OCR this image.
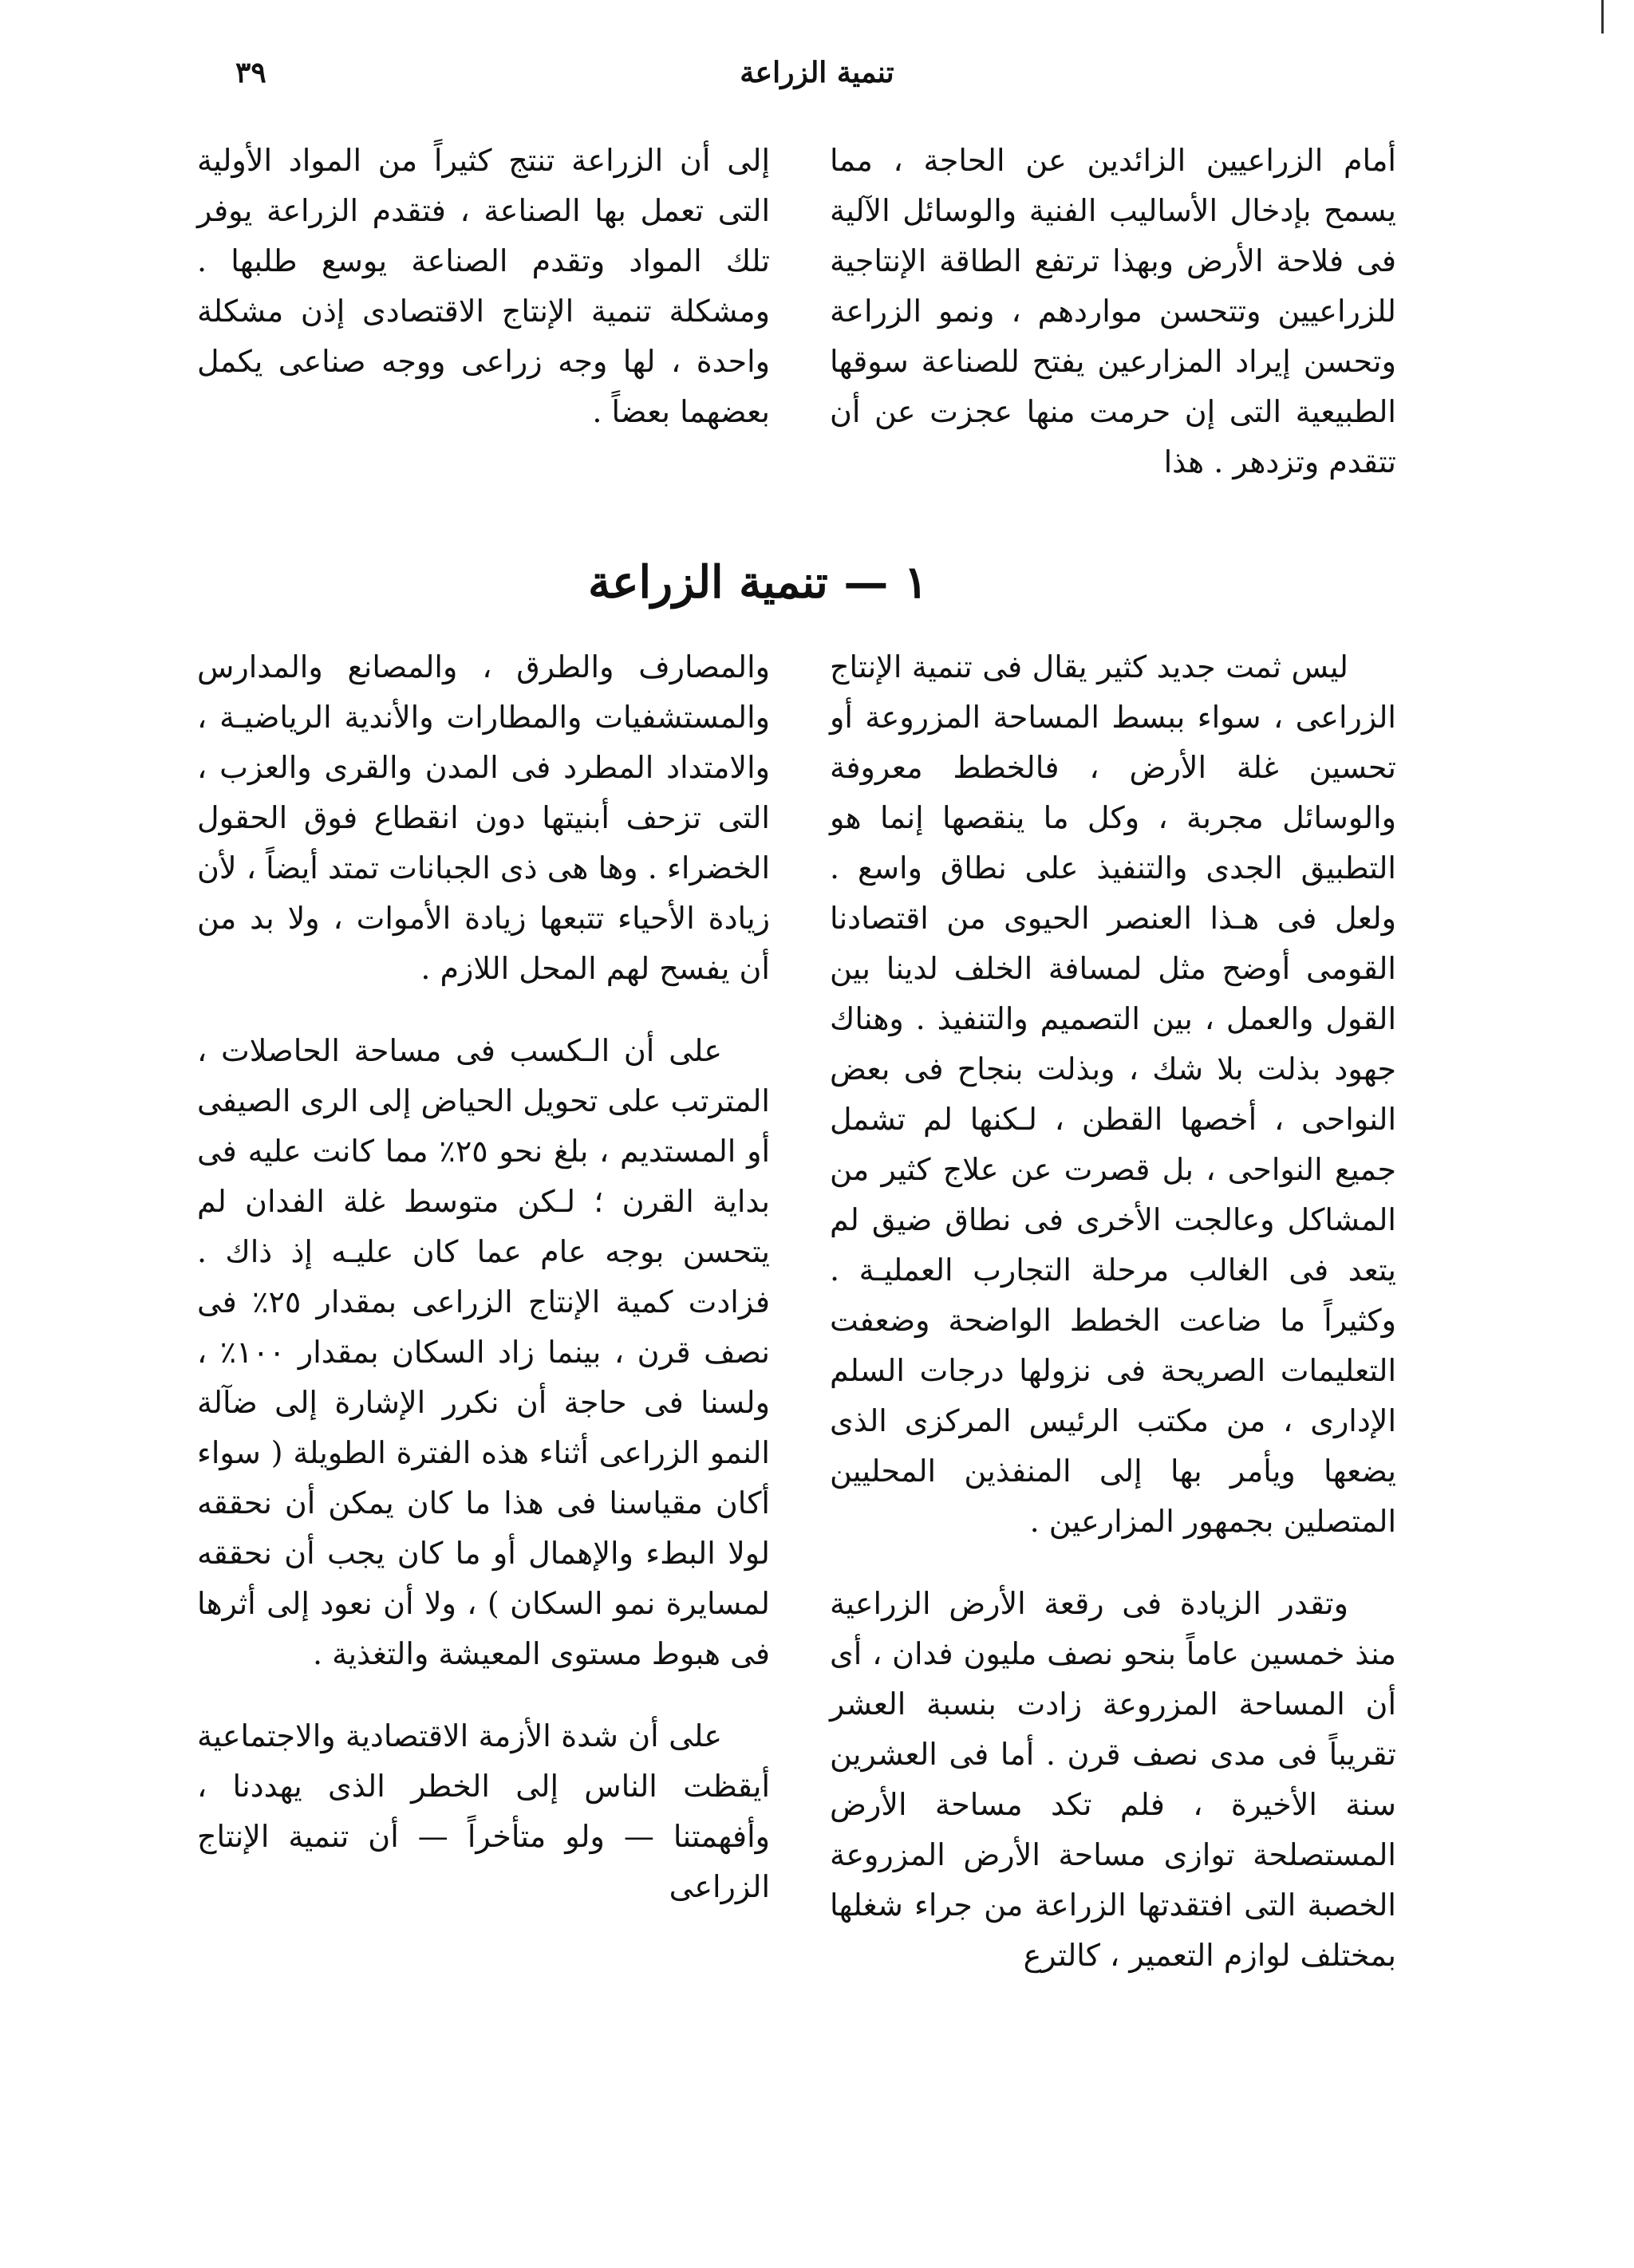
تنمية الزراعة
٣٩

أمام الزراعيين الزائدين عن الحاجة ، مما يسمح بإدخال الأساليب الفنية والوسائل الآلية فى فلاحة الأرض وبهذا ترتفع الطاقة الإنتاجية للزراعيين وتتحسن مواردهم ، ونمو الزراعة وتحسن إيراد المزارعين يفتح للصناعة سوقها الطبيعية التى إن حرمت منها عجزت عن أن تتقدم وتزدهر . هذا

إلى أن الزراعة تنتج كثيراً من المواد الأولية التى تعمل بها الصناعة ، فتقدم الزراعة يوفر تلك المواد وتقدم الصناعة يوسع طلبها . ومشكلة تنمية الإنتاج الاقتصادى إذن مشكلة واحدة ، لها وجه زراعى ووجه صناعى يكمل بعضهما بعضاً .

١ — تنمية الزراعة

ليس ثمت جديد كثير يقال فى تنمية الإنتاج الزراعى ، سواء ببسط المساحة المزروعة أو تحسين غلة الأرض ، فالخطط معروفة والوسائل مجربة ، وكل ما ينقصها إنما هو التطبيق الجدى والتنفيذ على نطاق واسع . ولعل فى هـذا العنصر الحيوى من اقتصادنا القومى أوضح مثل لمسافة الخلف لدينا بين القول والعمل ، بين التصميم والتنفيذ . وهناك جهود بذلت بلا شك ، وبذلت بنجاح فى بعض النواحى ، أخصها القطن ، لـكنها لم تشمل جميع النواحى ، بل قصرت عن علاج كثير من المشاكل وعالجت الأخرى فى نطاق ضيق لم يتعد فى الغالب مرحلة التجارب العمليـة . وكثيراً ما ضاعت الخطط الواضحة وضعفت التعليمات الصريحة فى نزولها درجات السلم الإدارى ، من مكتب الرئيس المركزى الذى يضعها ويأمر بها إلى المنفذين المحليين المتصلين بجمهور المزارعين .

وتقدر الزيادة فى رقعة الأرض الزراعية منذ خمسين عاماً بنحو نصف مليون فدان ، أى أن المساحة المزروعة زادت بنسبة العشر تقريباً فى مدى نصف قرن . أما فى العشرين سنة الأخيرة ، فلم تكد مساحة الأرض المستصلحة توازى مساحة الأرض المزروعة الخصبة التى افتقدتها الزراعة من جراء شغلها بمختلف لوازم التعمير ، كالترع

والمصارف والطرق ، والمصانع والمدارس والمستشفيات والمطارات والأندية الرياضيـة ، والامتداد المطرد فى المدن والقرى والعزب ، التى تزحف أبنيتها دون انقطاع فوق الحقول الخضراء . وها هى ذى الجبانات تمتد أيضاً ، لأن زيادة الأحياء تتبعها زيادة الأموات ، ولا بد من أن يفسح لهم المحل اللازم .

على أن الـكسب فى مساحة الحاصلات ، المترتب على تحويل الحياض إلى الرى الصيفى أو المستديم ، بلغ نحو ٢٥٪ مما كانت عليه فى بداية القرن ؛ لـكن متوسط غلة الفدان لم يتحسن بوجه عام عما كان عليـه إذ ذاك . فزادت كمية الإنتاج الزراعى بمقدار ٢٥٪ فى نصف قرن ، بينما زاد السكان بمقدار ١٠٠٪ ، ولسنا فى حاجة أن نكرر الإشارة إلى ضآلة النمو الزراعى أثناء هذه الفترة الطويلة ( سواء أكان مقياسنا فى هذا ما كان يمكن أن نحققه لولا البطء والإهمال أو ما كان يجب أن نحققه لمسايرة نمو السكان ) ، ولا أن نعود إلى أثرها فى هبوط مستوى المعيشة والتغذية .

على أن شدة الأزمة الاقتصادية والاجتماعية أيقظت الناس إلى الخطر الذى يهددنا ، وأفهمتنا — ولو متأخراً — أن تنمية الإنتاج الزراعى
